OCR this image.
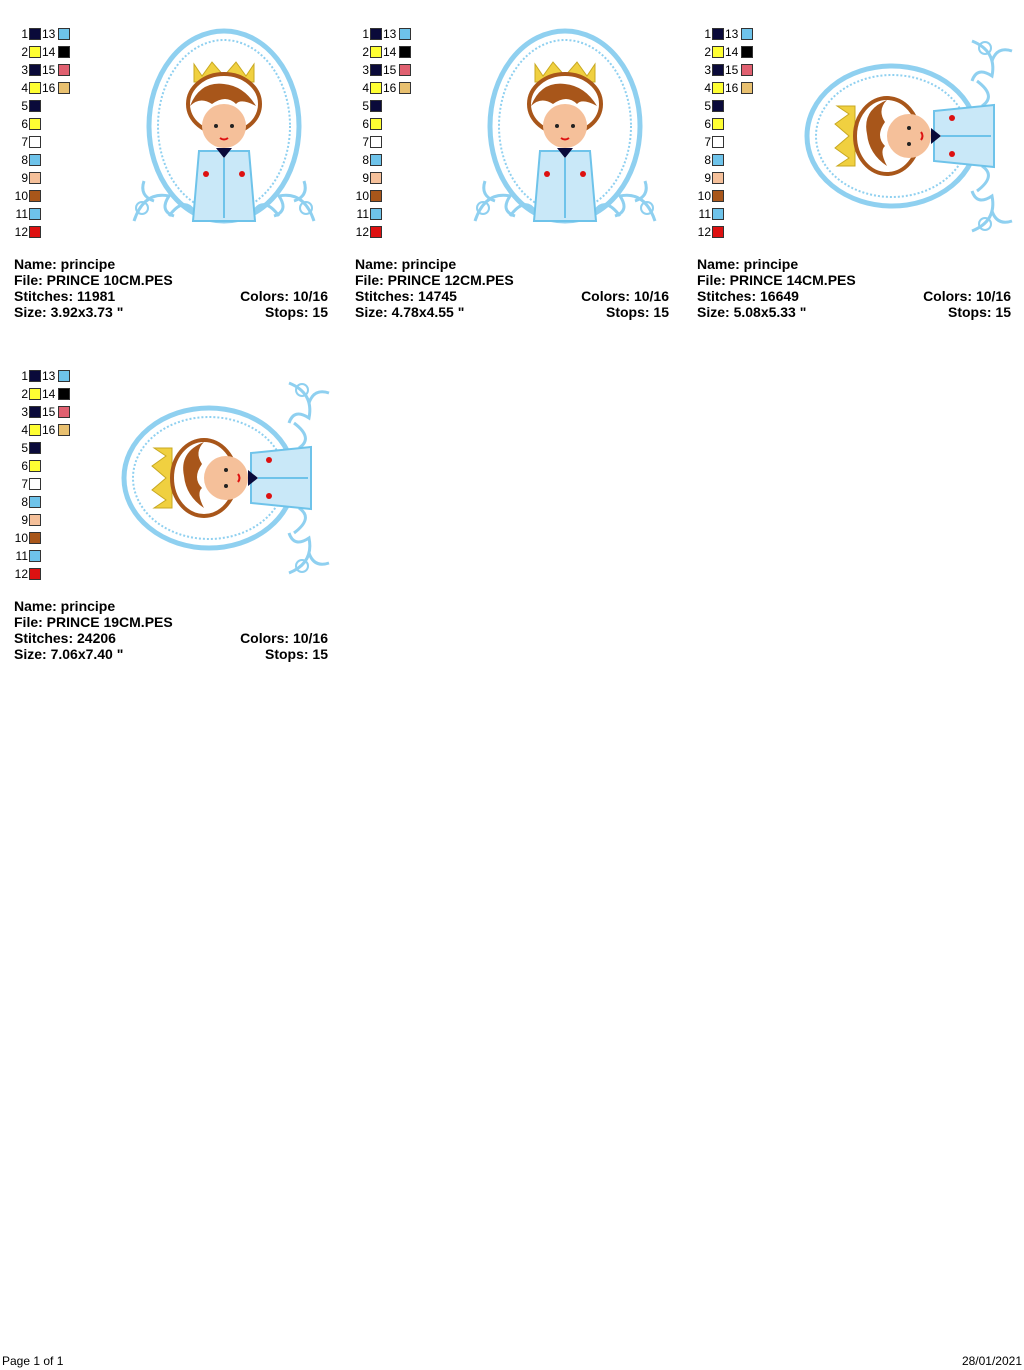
1 13
2 14
3 15
4 16
5
6
7
8
9
10
11
12
Name: principe
File: PRINCE 10CM.PES
Stitches: 11981	Colors: 10/16
Size: 3.92x3.73 "	Stops: 15
1 13
2 14
3 15
4 16
5
6
7
8
9
10
11
12
Name: principe
File: PRINCE 12CM.PES
Stitches: 14745	Colors: 10/16
Size: 4.78x4.55 "	Stops: 15
1 13
2 14
3 15
4 16
5
6
7
8
9
10
11
12
Name: principe
File: PRINCE 14CM.PES
Stitches: 16649	Colors: 10/16
Size: 5.08x5.33 "	Stops: 15
1 13
2 14
3 15
4 16
5
6
7
8
9
10
11
12
Name: principe
File: PRINCE 19CM.PES
Stitches: 24206	Colors: 10/16
Size: 7.06x7.40 "	Stops: 15
Page 1 of 1	28/01/2021
